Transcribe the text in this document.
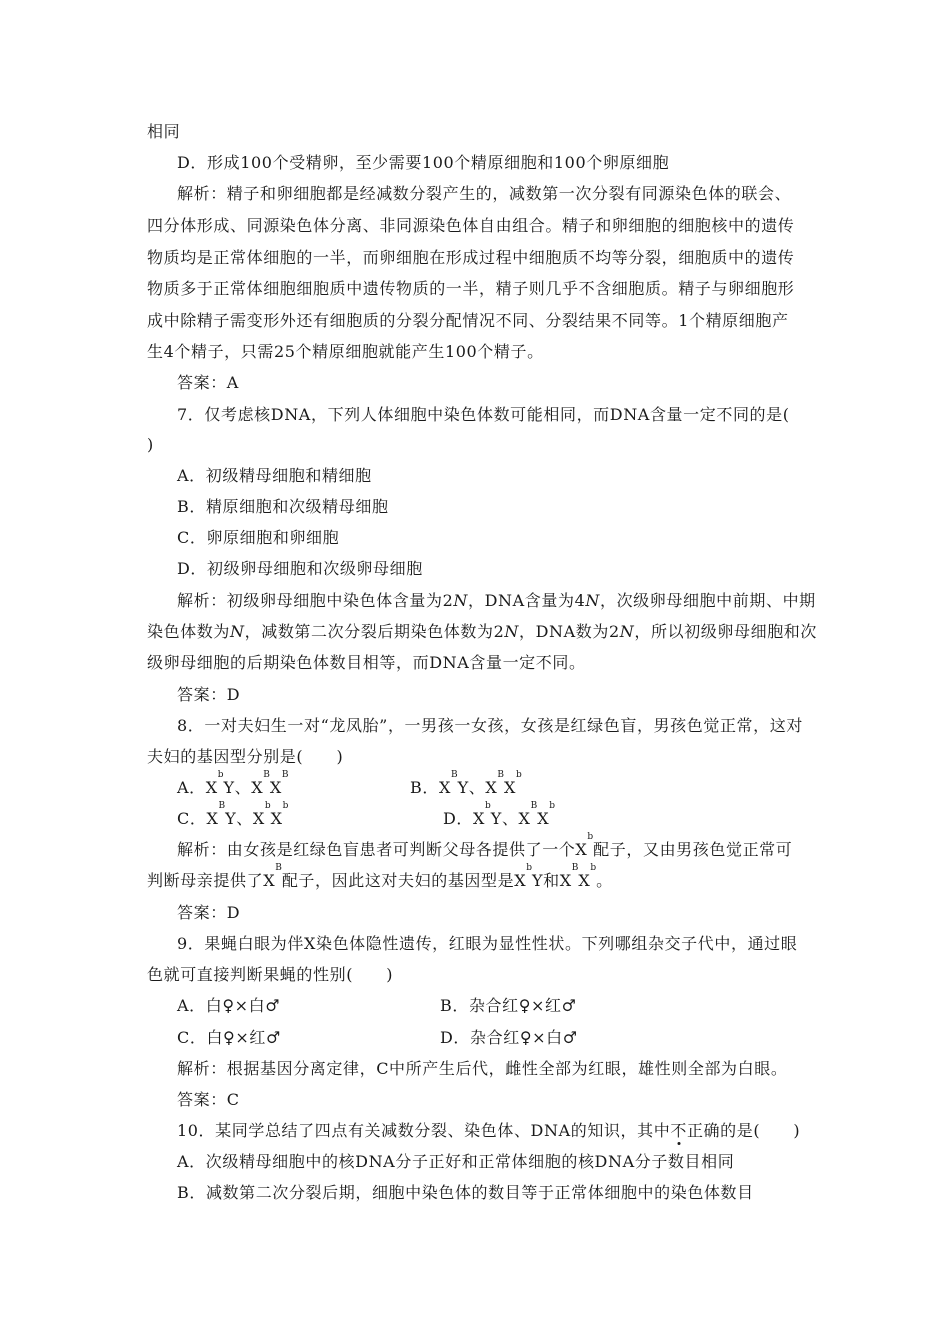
相同
D．形成100个受精卵，至少需要100个精原细胞和100个卵原细胞
解析：精子和卵细胞都是经减数分裂产生的，减数第一次分裂有同源染色体的联会、
四分体形成、同源染色体分离、非同源染色体自由组合。精子和卵细胞的细胞核中的遗传
物质均是正常体细胞的一半，而卵细胞在形成过程中细胞质不均等分裂，细胞质中的遗传
物质多于正常体细胞细胞质中遗传物质的一半，精子则几乎不含细胞质。精子与卵细胞形
成中除精子需变形外还有细胞质的分裂分配情况不同、分裂结果不同等。1个精原细胞产
生4个精子，只需25个精原细胞就能产生100个精子。
答案：A
7．仅考虑核DNA，下列人体细胞中染色体数可能相同，而DNA含量一定不同的是(
)
A．初级精母细胞和精细胞
B．精原细胞和次级精母细胞
C．卵原细胞和卵细胞
D．初级卵母细胞和次级卵母细胞
解析：初级卵母细胞中染色体含量为2N，DNA含量为4N，次级卵母细胞中前期、中期
染色体数为N，减数第二次分裂后期染色体数为2N，DNA数为2N，所以初级卵母细胞和次
级卵母细胞的后期染色体数目相等，而DNA含量一定不同。
答案：D
8．一对夫妇生一对“龙凤胎”，一男孩一女孩，女孩是红绿色盲，男孩色觉正常，这对
夫妇的基因型分别是(　　)
A．$X^bY$、$X^BX^B$
B．$X^BY$、$X^BX^b$
C．$X^BY$、$X^bX^b$
D．$X^bY$、$X^BX^b$
解析：由女孩是红绿色盲患者可判断父母各提供了一个$X^b$配子，又由男孩色觉正常可
判断母亲提供了$X^B$配子，因此这对夫妇的基因型是$X^bY$和$X^BX^b$。
答案：D
9．果蝇白眼为伴X染色体隐性遗传，红眼为显性性状。下列哪组杂交子代中，通过眼
色就可直接判断果蝇的性别(　　)
A．白♀×白♂	B．杂合红♀×红♂
C．白♀×红♂	D．杂合红♀×白♂
解析：根据基因分离定律，C中所产生后代，雌性全部为红眼，雄性则全部为白眼。
答案：C
10．某同学总结了四点有关减数分裂、染色体、DNA的知识，其中不正确的是(　　)
A．次级精母细胞中的核DNA分子正好和正常体细胞的核DNA分子数目相同
B．减数第二次分裂后期，细胞中染色体的数目等于正常体细胞中的染色体数目
